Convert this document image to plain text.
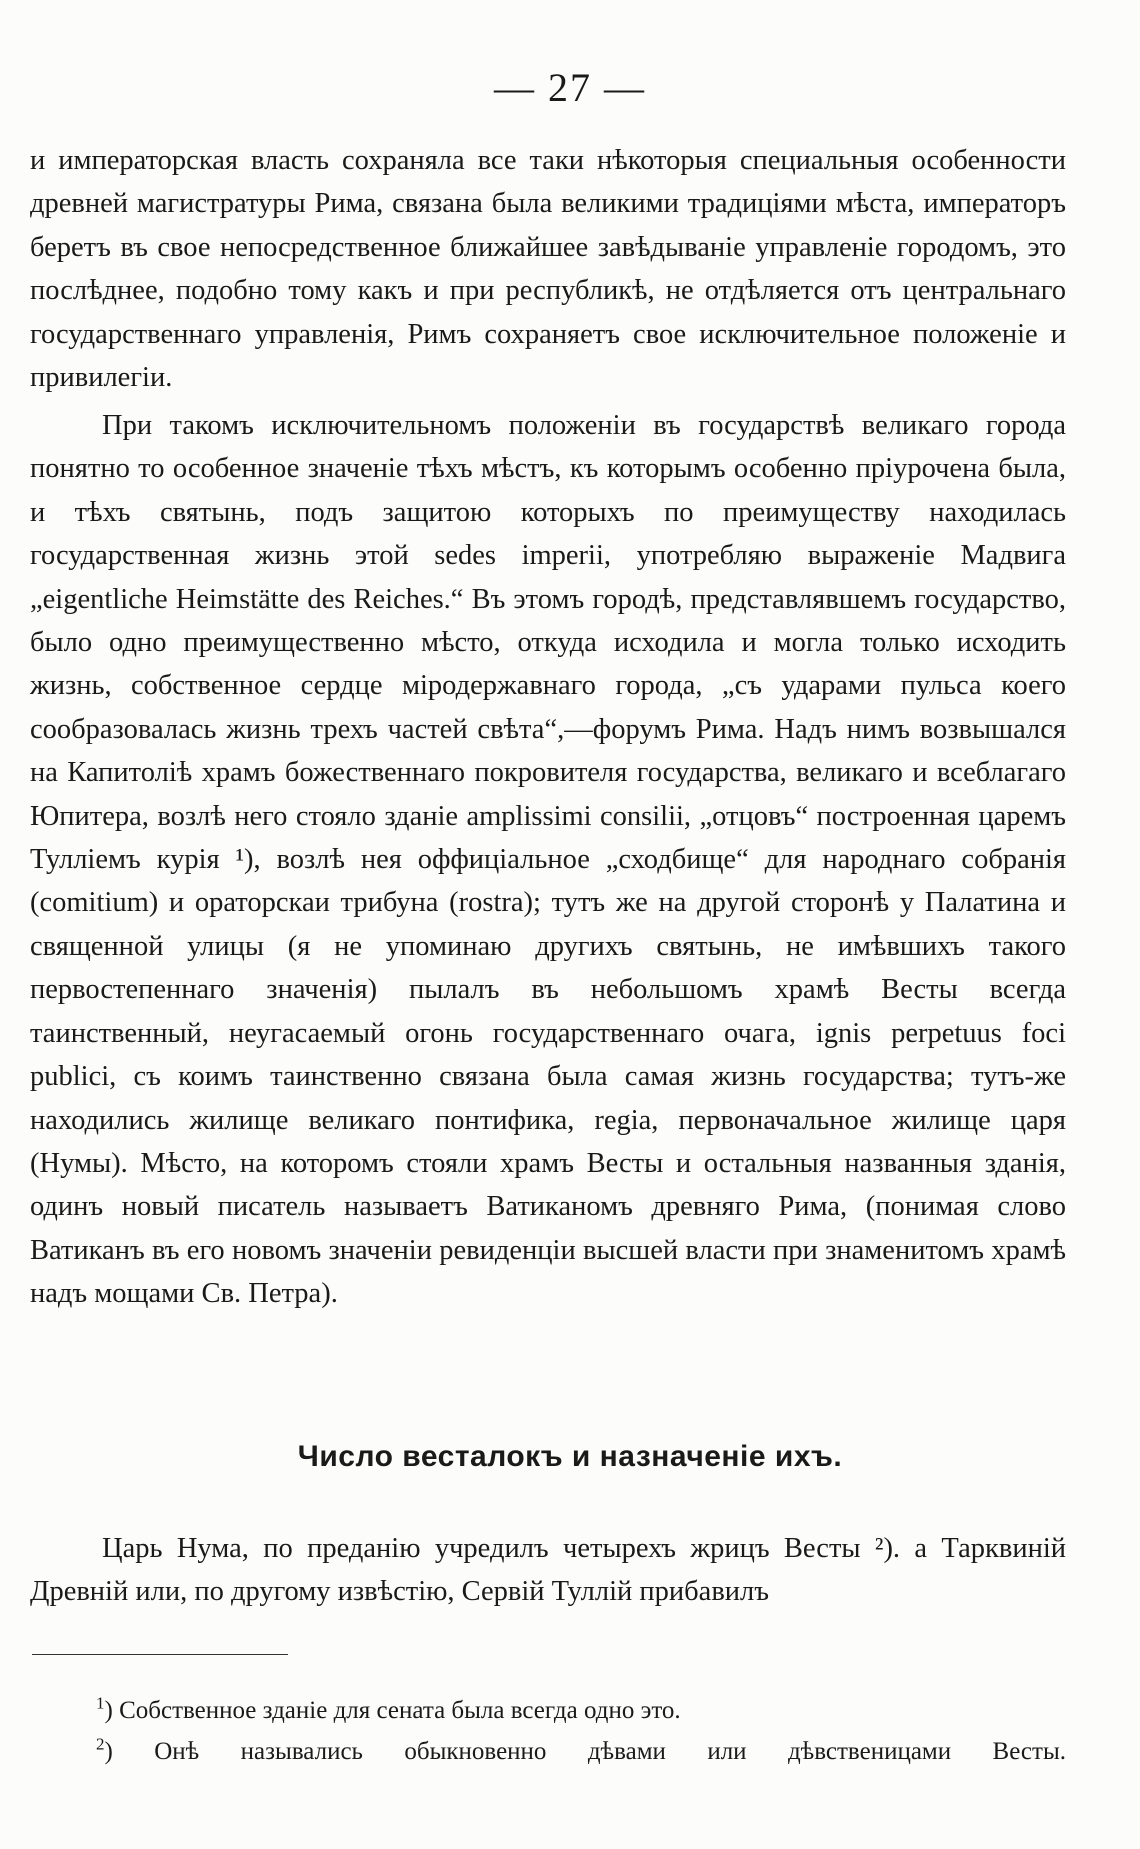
— 27 —

и императорская власть сохраняла все таки нѣкоторыя специальныя особенности древней магистратуры Рима, связана была великими традиціями мѣста, императоръ беретъ въ свое непосредственное ближайшее завѣдываніе управленіе городомъ, это послѣднее, подобно тому какъ и при республикѣ, не отдѣляется отъ центральнаго государственнаго управленія, Римъ сохраняетъ свое исключительное положеніе и привилегіи.

При такомъ исключительномъ положеніи въ государствѣ великаго города понятно то особенное значеніе тѣхъ мѣстъ, къ которымъ особенно пріурочена была, и тѣхъ святынь, подъ защитою которыхъ по преимуществу находилась государственная жизнь этой sedes imperii, употребляю выраженіе Мадвига „eigentliche Heimstätte des Reiches.“ Въ этомъ городѣ, представлявшемъ государство, было одно преимущественно мѣсто, откуда исходила и могла только исходить жизнь, собственное сердце міродержавнаго города, „съ ударами пульса коего сообразовалась жизнь трехъ частей свѣта“,—форумъ Рима. Надъ нимъ возвышался на Капитоліѣ храмъ божественнаго покровителя государства, великаго и всеблагаго Юпитера, возлѣ него стояло зданіе amplissimi consilii, „отцовъ“ построенная царемъ Тулліемъ курія ¹), возлѣ нея оффиціальное „сходбище“ для народнаго собранія (comitium) и ораторскаи трибуна (rostra); тутъ же на другой сторонѣ у Палатина и священной улицы (я не упоминаю другихъ святынь, не имѣвшихъ такого первостепеннаго значенія) пылалъ въ небольшомъ храмѣ Весты всегда таинственный, неугасаемый огонь государственнаго очага, ignis perpetuus foci publici, съ коимъ таинственно связана была самая жизнь государства; тутъ-же находились жилище великаго понтифика, regia, первоначальное жилище царя (Нумы). Мѣсто, на которомъ стояли храмъ Весты и остальныя названныя зданія, одинъ новый писатель называетъ Ватиканомъ древняго Рима, (понимая слово Ватиканъ въ его новомъ значеніи ревиденціи высшей власти при знаменитомъ храмѣ надъ мощами Св. Петра).

Число весталокъ и назначеніе ихъ.

Царь Нума, по преданію учредилъ четырехъ жрицъ Весты ²). а Тарквиній Древній или, по другому извѣстію, Сервій Туллій прибавилъ

$^1$) Собственное зданіе для сената была всегда одно это.

$^2$) Онѣ назывались обыкновенно дѣвами или дѣвственицами Весты.
